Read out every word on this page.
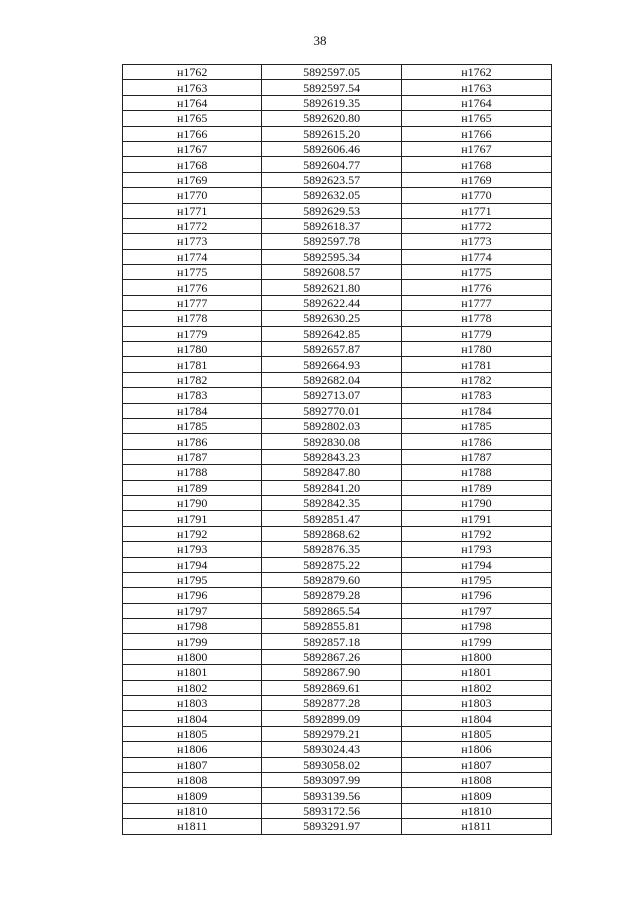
38
н1762	5892597.05	н1762
н1763	5892597.54	н1763
н1764	5892619.35	н1764
н1765	5892620.80	н1765
н1766	5892615.20	н1766
н1767	5892606.46	н1767
н1768	5892604.77	н1768
н1769	5892623.57	н1769
н1770	5892632.05	н1770
н1771	5892629.53	н1771
н1772	5892618.37	н1772
н1773	5892597.78	н1773
н1774	5892595.34	н1774
н1775	5892608.57	н1775
н1776	5892621.80	н1776
н1777	5892622.44	н1777
н1778	5892630.25	н1778
н1779	5892642.85	н1779
н1780	5892657.87	н1780
н1781	5892664.93	н1781
н1782	5892682.04	н1782
н1783	5892713.07	н1783
н1784	5892770.01	н1784
н1785	5892802.03	н1785
н1786	5892830.08	н1786
н1787	5892843.23	н1787
н1788	5892847.80	н1788
н1789	5892841.20	н1789
н1790	5892842.35	н1790
н1791	5892851.47	н1791
н1792	5892868.62	н1792
н1793	5892876.35	н1793
н1794	5892875.22	н1794
н1795	5892879.60	н1795
н1796	5892879.28	н1796
н1797	5892865.54	н1797
н1798	5892855.81	н1798
н1799	5892857.18	н1799
н1800	5892867.26	н1800
н1801	5892867.90	н1801
н1802	5892869.61	н1802
н1803	5892877.28	н1803
н1804	5892899.09	н1804
н1805	5892979.21	н1805
н1806	5893024.43	н1806
н1807	5893058.02	н1807
н1808	5893097.99	н1808
н1809	5893139.56	н1809
н1810	5893172.56	н1810
н1811	5893291.97	н1811
